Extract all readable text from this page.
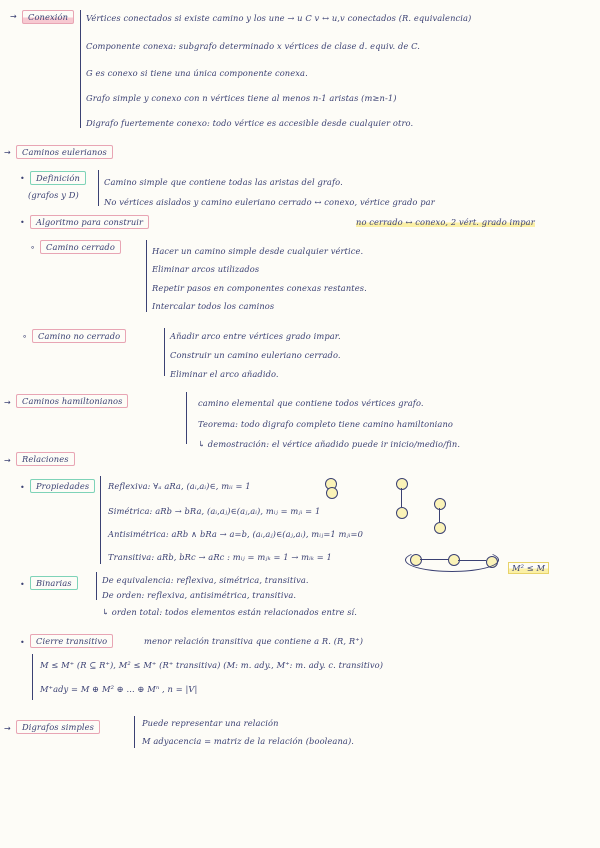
→	Conexión	Vértices conectados si existe camino y los une → u C v ↔ u,v conectados (R. equivalencia)
Componente conexa: subgrafo determinado x vértices de clase d. equiv. de C.
G es conexo si tiene una única componente conexa.
Grafo simple y conexo con n vértices tiene al menos n-1 aristas (m≥n-1)
Digrafo fuertemente conexo: todo vértice es accesible desde cualquier otro.
→	Caminos eulerianos
•	Definición
(grafos y D)
Camino simple que contiene todas las aristas del grafo.
No vértices aislados y camino euleriano cerrado ↔ conexo, vértice grado par
no cerrado ↔ conexo, 2 vért. grado impar
•	Algoritmo para construir
∘	Camino cerrado	Hacer un camino simple desde cualquier vértice.
Eliminar arcos utilizados
Repetir pasos en componentes conexas restantes.
Intercalar todos los caminos
∘	Camino no cerrado	Añadir arco entre vértices grado impar.
Construir un camino euleriano cerrado.
Eliminar el arco añadido.
→	Caminos hamiltonianos	camino elemental que contiene todos vértices grafo.
Teorema: todo digrafo completo tiene camino hamiltoniano
↳ demostración: el vértice añadido puede ir inicio/medio/fin.
→	Relaciones
•	Propiedades	Reflexiva: ∀ₐ aRa, (aᵢ,aᵢ)∈, mᵢᵢ = 1
Simétrica: aRb → bRa, (aᵢ,aⱼ)∈(aⱼ,aᵢ), mᵢⱼ = mⱼᵢ = 1
Antisimétrica: aRb ∧ bRa → a=b, (aᵢ,aⱼ)∈(aⱼ,aᵢ), mᵢⱼ=1 mⱼᵢ=0
Transitiva: aRb, bRc → aRc : mᵢⱼ = mⱼₖ = 1 → mᵢₖ = 1
M² ≤ M
•	Binarias	De equivalencia: reflexiva, simétrica, transitiva.
De orden: reflexiva, antisimétrica, transitiva.
↳ orden total: todos elementos están relacionados entre sí.
•	Cierre transitivo	menor relación transitiva que contiene a R. (R, R⁺)
M ≤ M⁺ (R ⊆ R⁺), M² ≤ M⁺ (R⁺ transitiva) (M: m. ady., M⁺: m. ady. c. transitivo)
M⁺ady = M ⊕ M² ⊕ ... ⊕ Mⁿ , n = |V|
→	Digrafos simples	Puede representar una relación
M adyacencia = matriz de la relación (booleana).
